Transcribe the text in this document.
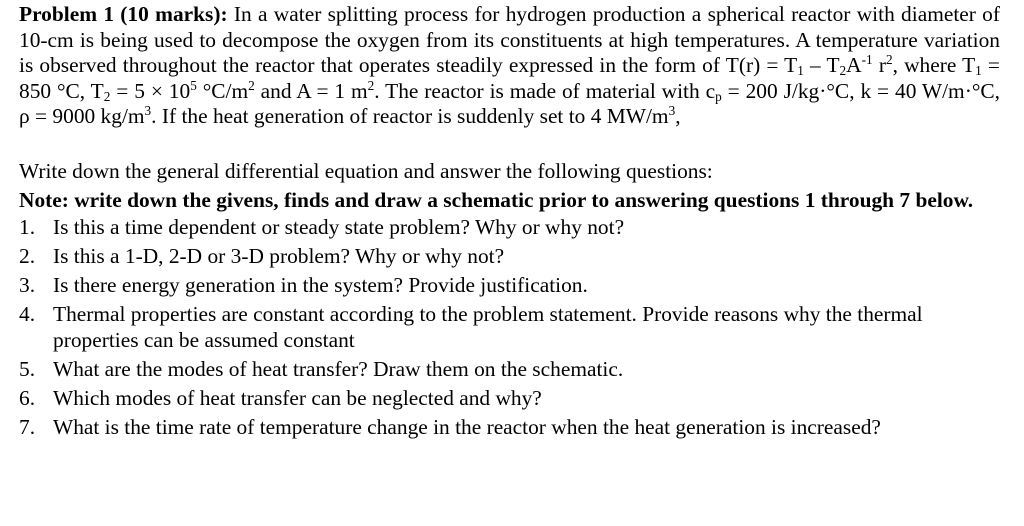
Problem 1 (10 marks): In a water splitting process for hydrogen production a spherical reactor with diameter of 10-cm is being used to decompose the oxygen from its constituents at high temperatures. A temperature variation is observed throughout the reactor that operates steadily expressed in the form of $T(r) = T_1 - T_2A^{-1}$ $r^2$, where $T_1 = 850$ °C, $T_2 = 5 \times 10^5$ $^\circ C/m^2$ and A = 1 $m^2$. The reactor is made of material with $c_p = 200$ J/kg·°C, k = 40 W/m·°C, ρ = 9000 $kg/m^3$. If the heat generation of reactor is suddenly set to 4 $MW/m^3$,

Write down the general differential equation and answer the following questions:

Note: write down the givens, finds and draw a schematic prior to answering questions 1 through 7 below.

1. Is this a time dependent or steady state problem? Why or why not?
2. Is this a 1-D, 2-D or 3-D problem? Why or why not?
3. Is there energy generation in the system? Provide justification.
4. Thermal properties are constant according to the problem statement. Provide reasons why the thermal properties can be assumed constant
5. What are the modes of heat transfer? Draw them on the schematic.
6. Which modes of heat transfer can be neglected and why?
7. What is the time rate of temperature change in the reactor when the heat generation is increased?
